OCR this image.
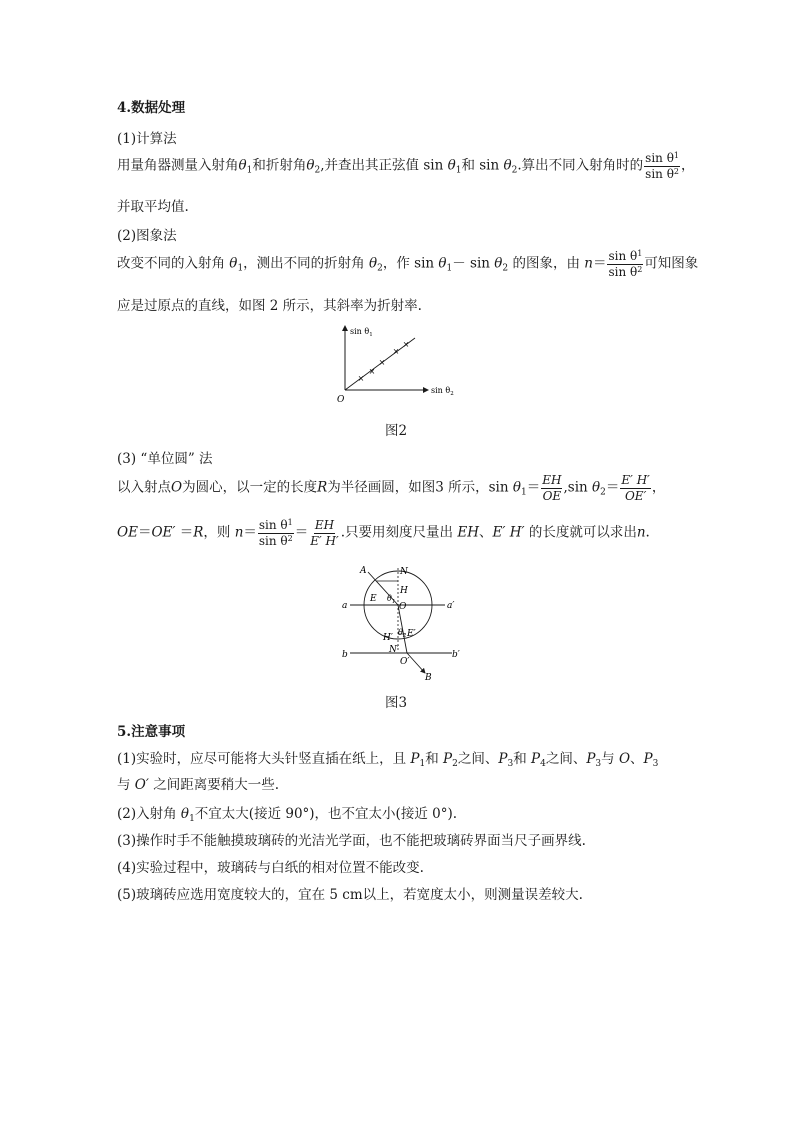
4.数据处理
(1)计算法
用量角器测量入射角$\theta_1$和折射角$\theta_2$,并查出其正弦值 $\sin \theta_1$和 $\sin \theta_2$.算出不同入射角时的 $\frac{\sin \theta^1}{\sin \theta^2}$ ，
并取平均值.
(2)图象法
改变不同的入射角 $\theta_1$，测出不同的折射角 $\theta_2$，作 $\sin \theta_1- \sin \theta_2$ 的图象，由 $n= \frac{\sin \theta^1}{\sin \theta^2}$ 可知图象
应是过原点的直线，如图 2 所示，其斜率为折射率.
$\sin \theta_1$
$\sin \theta_2$
O
×
×
×
×
×
图2
(3) “单位圆” 法
以入射点O为圆心，以一定的长度R为半径画圆，如图3 所示，$\sin \theta_1= \frac{EH}{OE} ,\sin$ $\theta_2= \frac{E' H'}{OE'}$ ，
OE＝OE′ ＝R，则 $n= \frac{\sin \theta^1}{\sin \theta^2} = \frac{EH}{E' H'}$ .只要用刻度尺量出 EH、E′ H′ 的长度就可以求出n.
A	N
H
E $\theta_1$ O
a	a′
$\theta_2$ E′
H′
N′
O′
b	b′
B
图3
5.注意事项
(1)实验时，应尽可能将大头针竖直插在纸上，且 $P_1$和 $P_2$之间、$P_3$和 $P_4$之间、$P_3$与 O、$P_3$
与 O′ 之间距离要稍大一些.
(2)入射角 $\theta_1$不宜太大(接近 90°)，也不宜太小(接近 0°).
(3)操作时手不能触摸玻璃砖的光洁光学面，也不能把玻璃砖界面当尺子画界线.
(4)实验过程中，玻璃砖与白纸的相对位置不能改变.
(5)玻璃砖应选用宽度较大的，宜在 5 cm以上，若宽度太小，则测量误差较大.
